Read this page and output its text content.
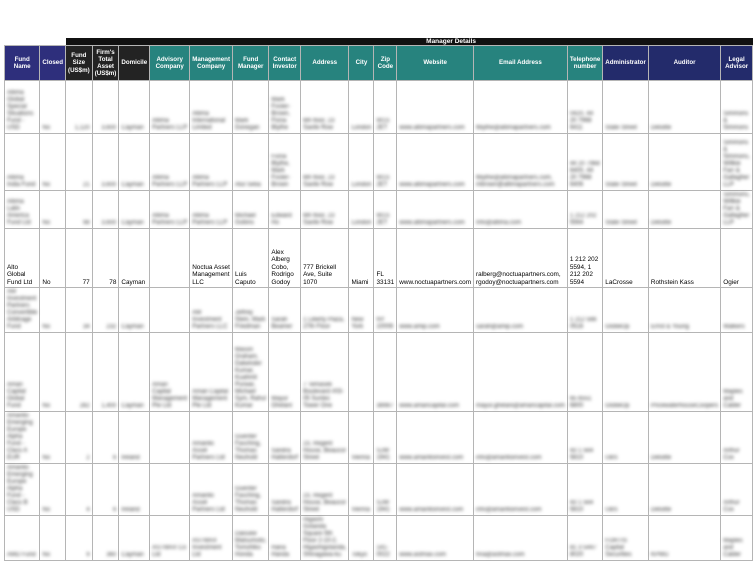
					Manager Details												
Fund Name	Closed	Fund Size (US$m)	Firm's Total Asset (US$m)	Domicile	Advisory Company	Management Company	Fund Manager	Contact Investor	Address	City	Zip Code	Website	Email Address	Telephone number	Administrator	Auditor	Legal Advisor
Altima Global Special Situations Fund - USD	No	1,120	3,600	Cayman	Altima Partners LLP	Altima International Limited	Mark Donegan	Mark Foster-Brown, Fiona Blythe	6th floor, 23 Savile Row	London	W1S 2ET	www.altimapartners.com	fblythe@altimapartners.com	0420, 44 20 7968 6411	State Street	Deloitte	Simmons & Simmons
Altima India Fund	No	21	3,600	Cayman	Altima Partners LLP	Altima Partners LLP	Atul Setia	Fiona Blythe, Mark Foster-Brown	6th floor, 23 Savile Row	London	W1S 2ET	www.altimapartners.com	fblythe@altimapartners.com, mbrown@altimapartners.com	44 20 7968 6400, 44 20 7968 6406	State Street	Deloitte	Simmons & Simmons, Willkie Farr & Gallagher LLP
Altima Latin America Fund Ltd	No	98	3,600	Cayman	Altima Partners LLP	Altima Partners LLP	Michael Gobins	Edward Ho	6th floor, 23 Savile Row	London	W1S 2ET	www.altimapartners.com	Info@altima.com	1 212 202 5564	State Street	Deloitte	Simmons, Willkie Farr & Gallagher LLP
Alto Global Fund Ltd	No	77	78	Cayman		Noctua Asset Management LLC	Luis Caputo	Alex Alberg Cobo, Rodrigo Godoy	777 Brickell Ave, Suite 1070	Miami	FL 33131	www.noctuapartners.com	ralberg@noctuapartners.com, rgodoy@noctuapartners.com	1 212 202 5594, 1 212 202 5594	LaCrosse	Rothstein Kass	Ogier
AM Investment Partners Convertible Arbitrage Fund	No	34	232	Cayman		AM Investment Partners LLC	Jeffrey Stein, Mark Friedman	Sarah Beamer	1 Liberty Plaza, 27th Floor	New York	NY 10006	www.amip.com	sarah@amip.com	1 212 566 0516	GlobeOp	Ernst & Young	Walkers
Amari Capital Global Fund	No	282	1,400	Cayman	Amari Capital Management Pte Ltd	Amari Capital Management Pte Ltd	Mason Graham, Dalwinder Kumar, Kuahmit Purwar, Michael Sym, Rahul Kumar	Mayur Ghelani	7 Temasek Boulevard #03-05 Suntec Tower One		38987	www.amaricapital.com	mayur.ghelani@amaricapital.com	65 6551 6800	GlobeOp	PricewaterhouseCoopers	Maples and Calder
Amarillo Emerging Europe Alpha Fund - Class A EUR	No	2	6	Ireland		Amarillo Asset Partners Ltd	Guenter Fasching, Thomas Neuhold	Sandra Hatterdorf	23, Regent House, Beaucor Street	Vienna	SJW 1941	www.amarilloinvest.com	info@amarilloinvest.com	43 1 564 5810	UBS	Deloitte	Arthur Cox
Amarillo Emerging Europe Alpha Fund - Class B USD	No	4	6	Ireland		Amarillo Asset Partners Ltd	Guenter Fasching, Thomas Neuhold	Sandra Hatterdorf	23, Regent House, Beaucor Street	Vienna	SJW 1941	www.amarilloinvest.com	info@amarilloinvest.com	43 1 564 5810	UBS	Deloitte	Arthur Cox
AMD Fund	No	9	360	Cayman	ASTMAX Co Ltd	ASTMAX Investment Ltd	Daisuke Matsumoto, Tomohiko Honda	Hana Handa	Higashi Gotanda Square 5th Floor 2-10-2, Higashigotanda, Shinagawa-ku	Tokyo	141-0022	www.astmax.com	hna@astmax.com	81 3 5447 8020	FORTIS Capital Securities	KPMG	Maples and Calder
